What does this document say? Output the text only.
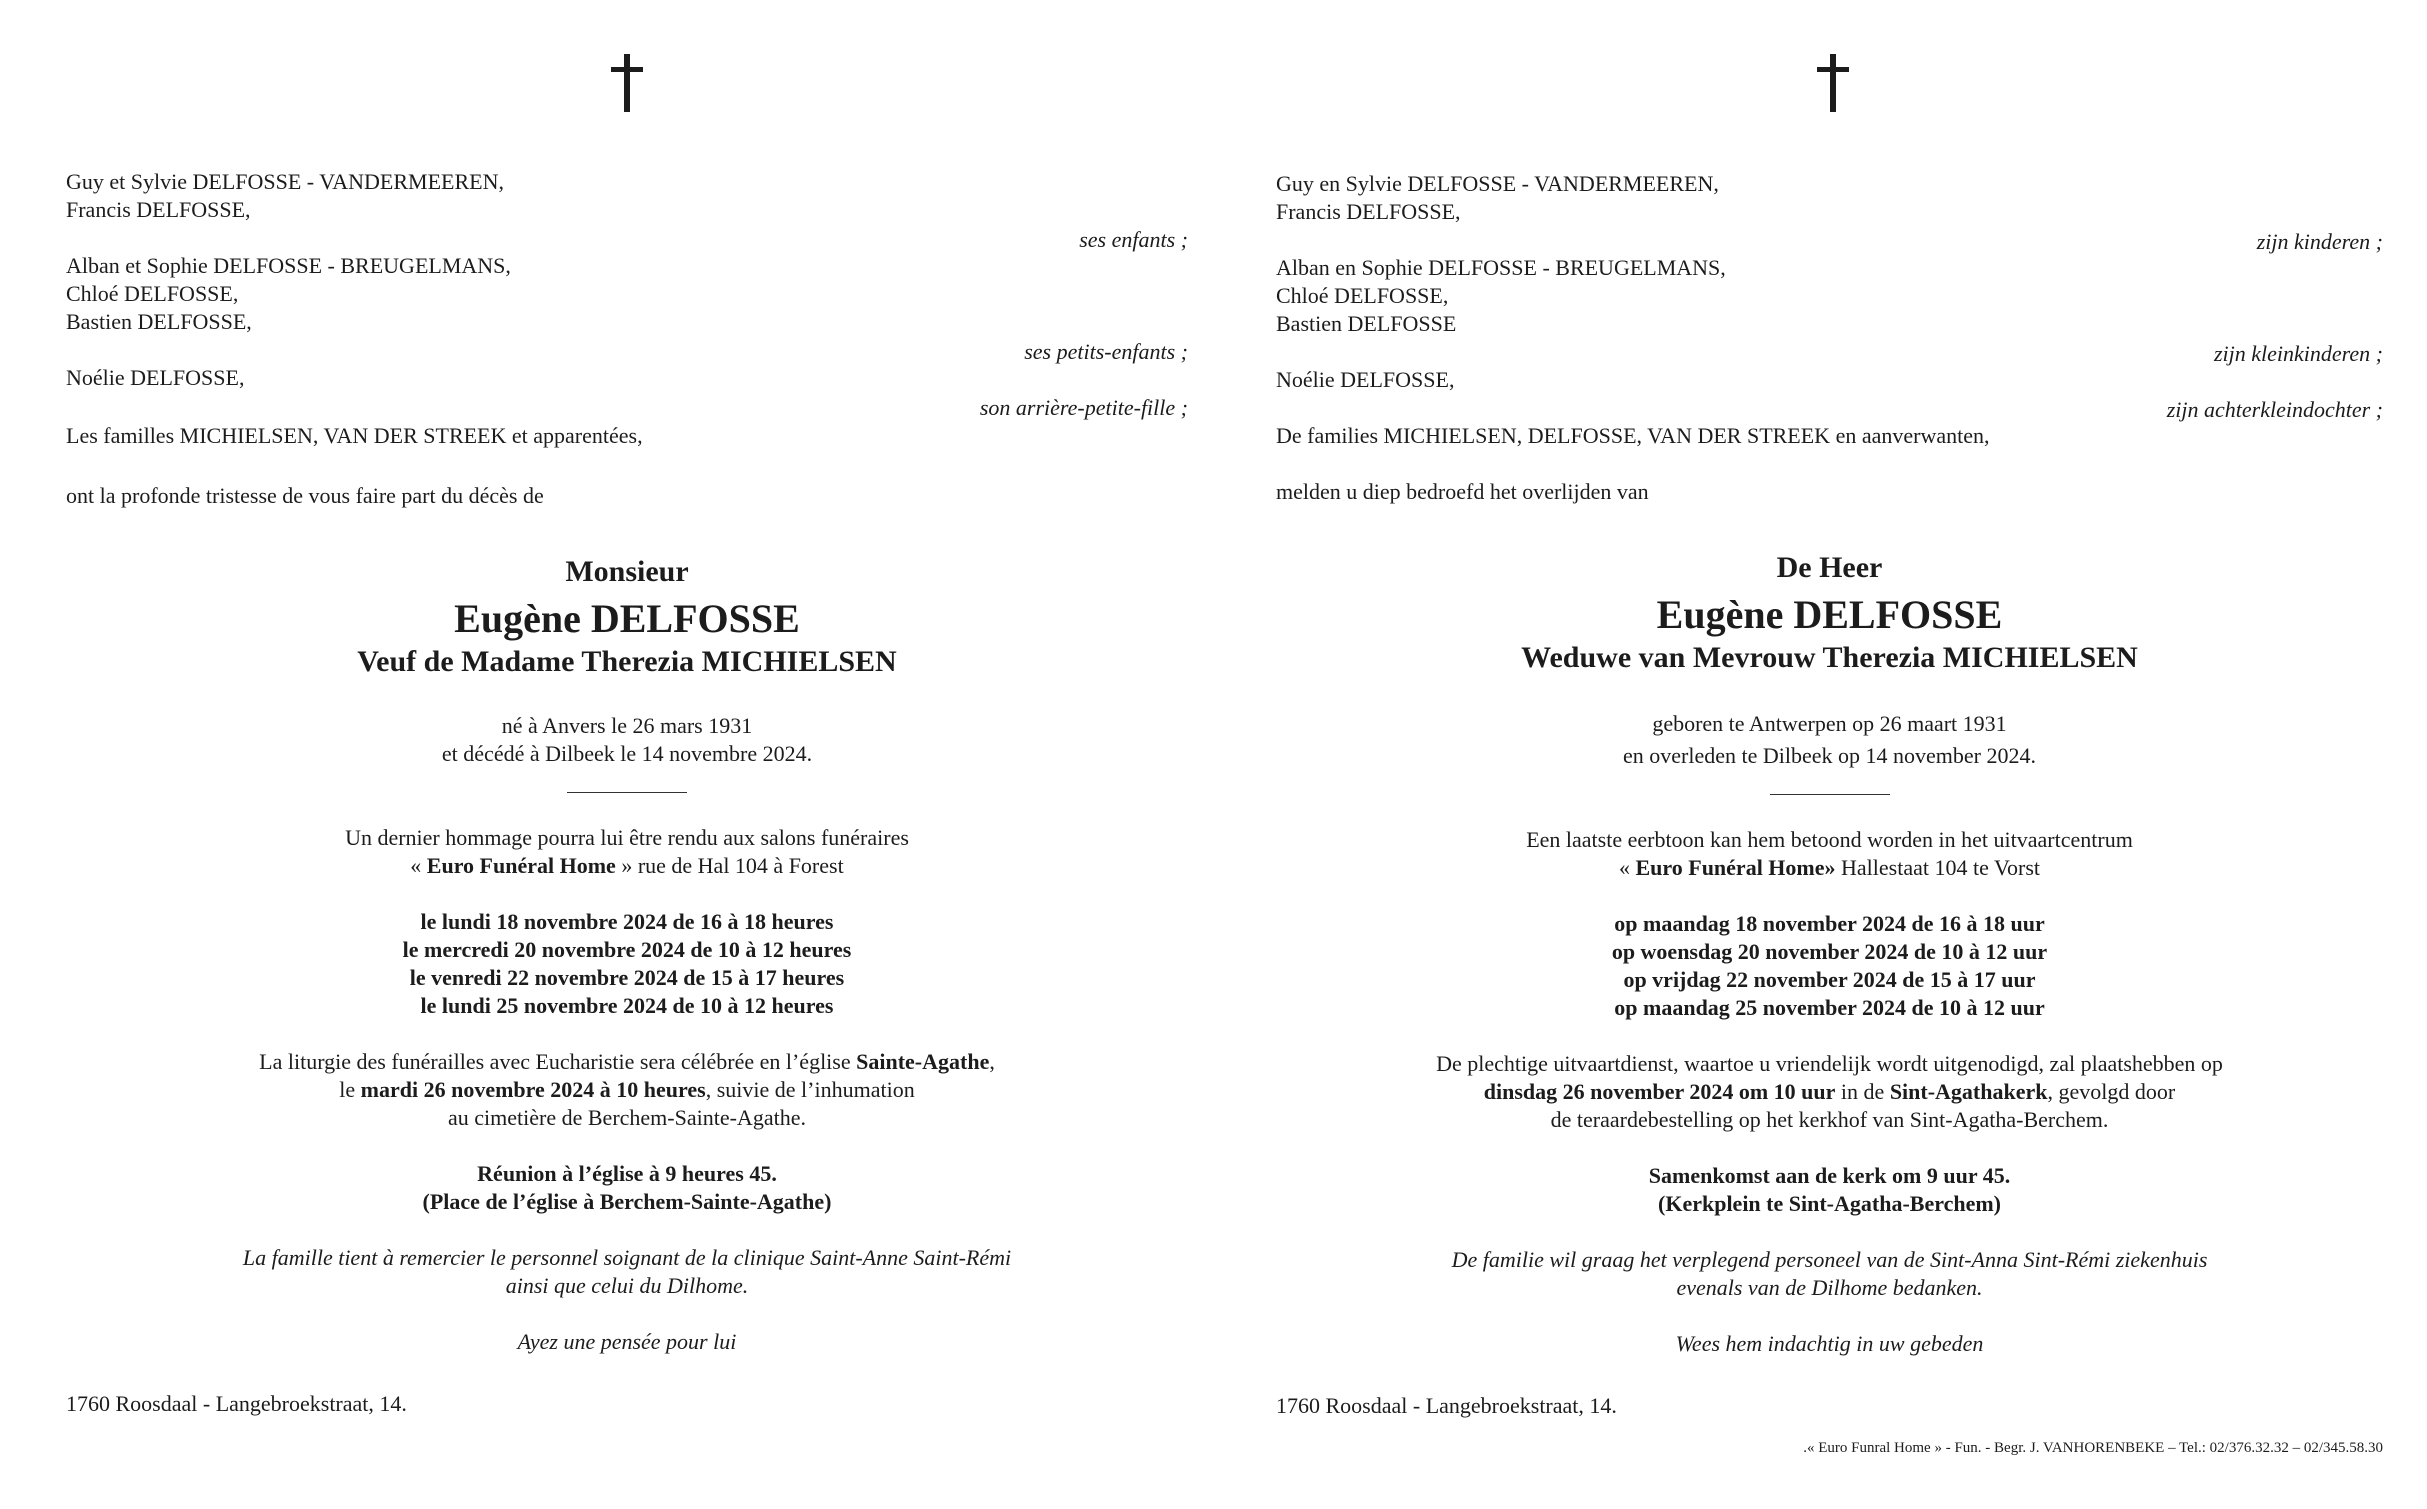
Guy et Sylvie DELFOSSE - VANDERMEEREN,
Francis DELFOSSE,
ses enfants ;
Alban et Sophie DELFOSSE - BREUGELMANS,
Chloé DELFOSSE,
Bastien DELFOSSE,
ses petits-enfants ;
Noélie DELFOSSE,
son arrière-petite-fille ;
Les familles MICHIELSEN, VAN DER STREEK et apparentées,
ont la profonde tristesse de vous faire part du décès de
Monsieur
Eugène DELFOSSE
Veuf de Madame Therezia MICHIELSEN
né à Anvers le 26 mars 1931
et décédé à Dilbeek le 14 novembre 2024.
Un dernier hommage pourra lui être rendu aux salons funéraires
« Euro Funéral Home » rue de Hal 104 à Forest
le lundi 18 novembre 2024 de 16 à 18 heures
le mercredi 20 novembre 2024 de 10 à 12 heures
le venredi 22 novembre 2024 de 15 à 17 heures
le lundi 25 novembre 2024 de 10 à 12 heures
La liturgie des funérailles avec Eucharistie sera célébrée en l’église Sainte-Agathe,
le mardi 26 novembre 2024 à 10 heures, suivie de l’inhumation
au cimetière de Berchem-Sainte-Agathe.
Réunion à l’église à 9 heures 45.
(Place de l’église à Berchem-Sainte-Agathe)
La famille tient à remercier le personnel soignant de la clinique Saint-Anne Saint-Rémi
ainsi que celui du Dilhome.
Ayez une pensée pour lui
1760 Roosdaal - Langebroekstraat, 14.
Guy en Sylvie DELFOSSE - VANDERMEEREN,
Francis DELFOSSE,
zijn kinderen ;
Alban en Sophie DELFOSSE - BREUGELMANS,
Chloé DELFOSSE,
Bastien DELFOSSE
zijn kleinkinderen ;
Noélie DELFOSSE,
zijn achterkleindochter ;
De families MICHIELSEN, DELFOSSE, VAN DER STREEK en aanverwanten,
melden u diep bedroefd het overlijden van
De Heer
Eugène DELFOSSE
Weduwe van Mevrouw Therezia MICHIELSEN
geboren te Antwerpen op 26 maart 1931
en overleden te Dilbeek op 14 november 2024.
Een laatste eerbtoon kan hem betoond worden in het uitvaartcentrum
« Euro Funéral Home» Hallestaat 104 te Vorst
op maandag 18 november 2024 de 16 à 18 uur
op woensdag 20 november 2024 de 10 à 12 uur
op vrijdag 22 november 2024 de 15 à 17 uur
op maandag 25 november 2024 de 10 à 12 uur
De plechtige uitvaartdienst, waartoe u vriendelijk wordt uitgenodigd, zal plaatshebben op
dinsdag 26 november 2024 om 10 uur in de Sint-Agathakerk, gevolgd door
de teraardebestelling op het kerkhof van Sint-Agatha-Berchem.
Samenkomst aan de kerk om 9 uur 45.
(Kerkplein te Sint-Agatha-Berchem)
De familie wil graag het verplegend personeel van de Sint-Anna Sint-Rémi ziekenhuis
evenals van de Dilhome bedanken.
Wees hem indachtig in uw gebeden
1760 Roosdaal - Langebroekstraat, 14.
.« Euro Funral Home » - Fun. - Begr. J. VANHORENBEKE – Tel.: 02/376.32.32 – 02/345.58.30
